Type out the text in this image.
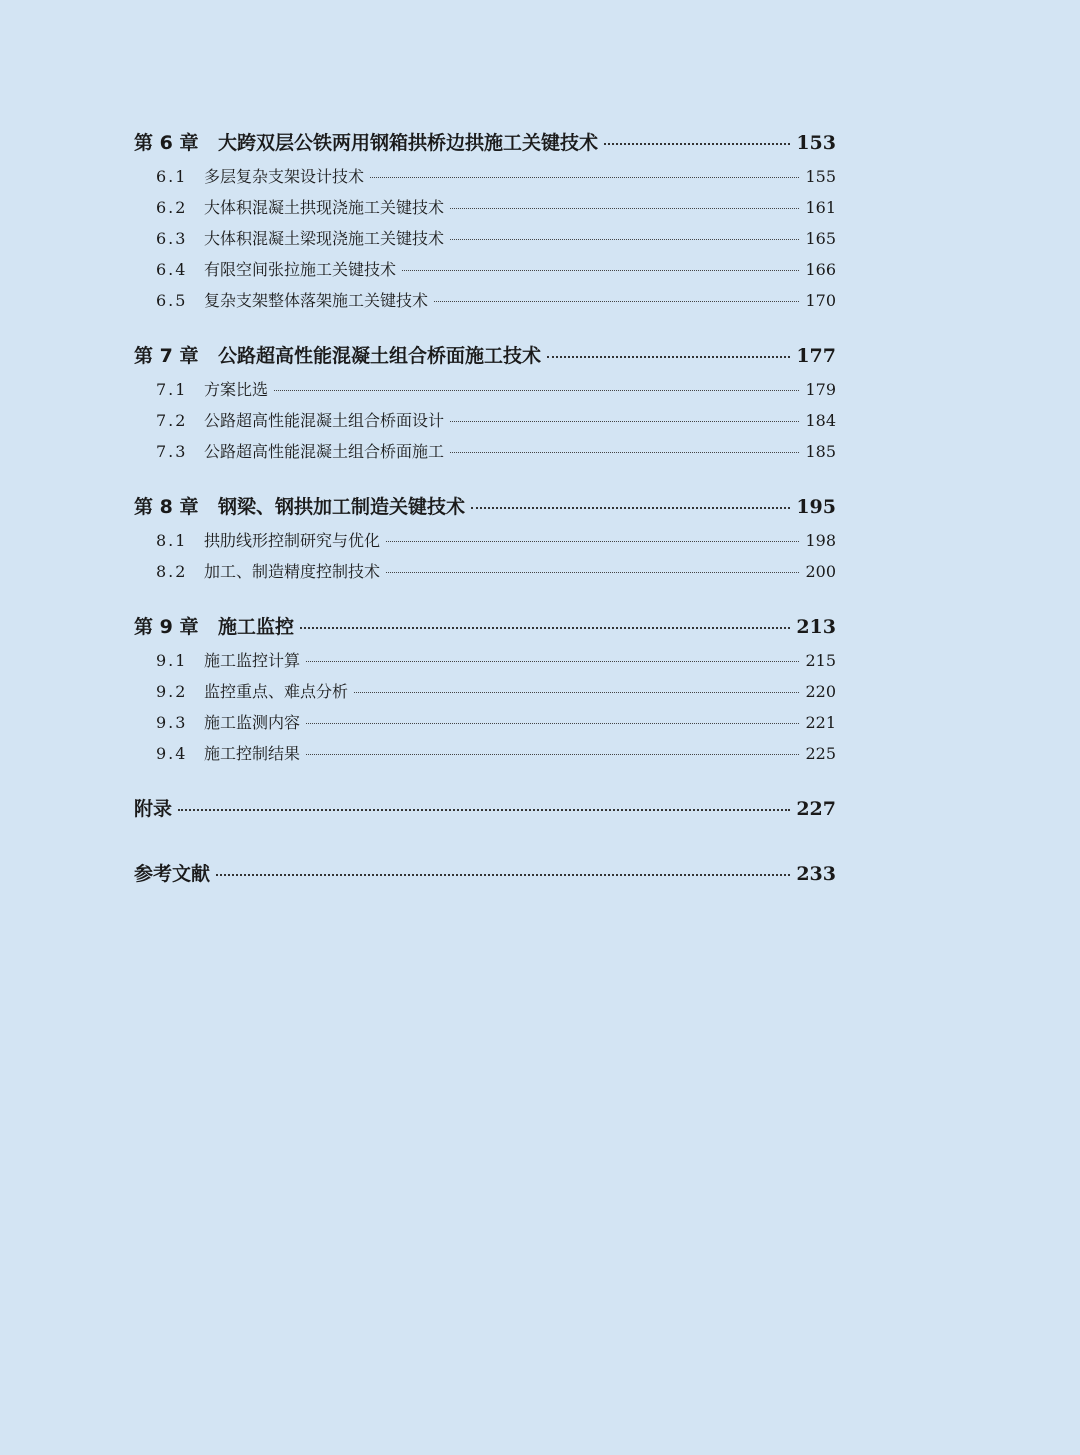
第 6 章	大跨双层公铁两用钢箱拱桥边拱施工关键技术	153
6.1	多层复杂支架设计技术	155
6.2	大体积混凝土拱现浇施工关键技术	161
6.3	大体积混凝土梁现浇施工关键技术	165
6.4	有限空间张拉施工关键技术	166
6.5	复杂支架整体落架施工关键技术	170
第 7 章	公路超高性能混凝土组合桥面施工技术	177
7.1	方案比选	179
7.2	公路超高性能混凝土组合桥面设计	184
7.3	公路超高性能混凝土组合桥面施工	185
第 8 章	钢梁、钢拱加工制造关键技术	195
8.1	拱肋线形控制研究与优化	198
8.2	加工、制造精度控制技术	200
第 9 章	施工监控	213
9.1	施工监控计算	215
9.2	监控重点、难点分析	220
9.3	施工监测内容	221
9.4	施工控制结果	225
附录	227
参考文献	233
